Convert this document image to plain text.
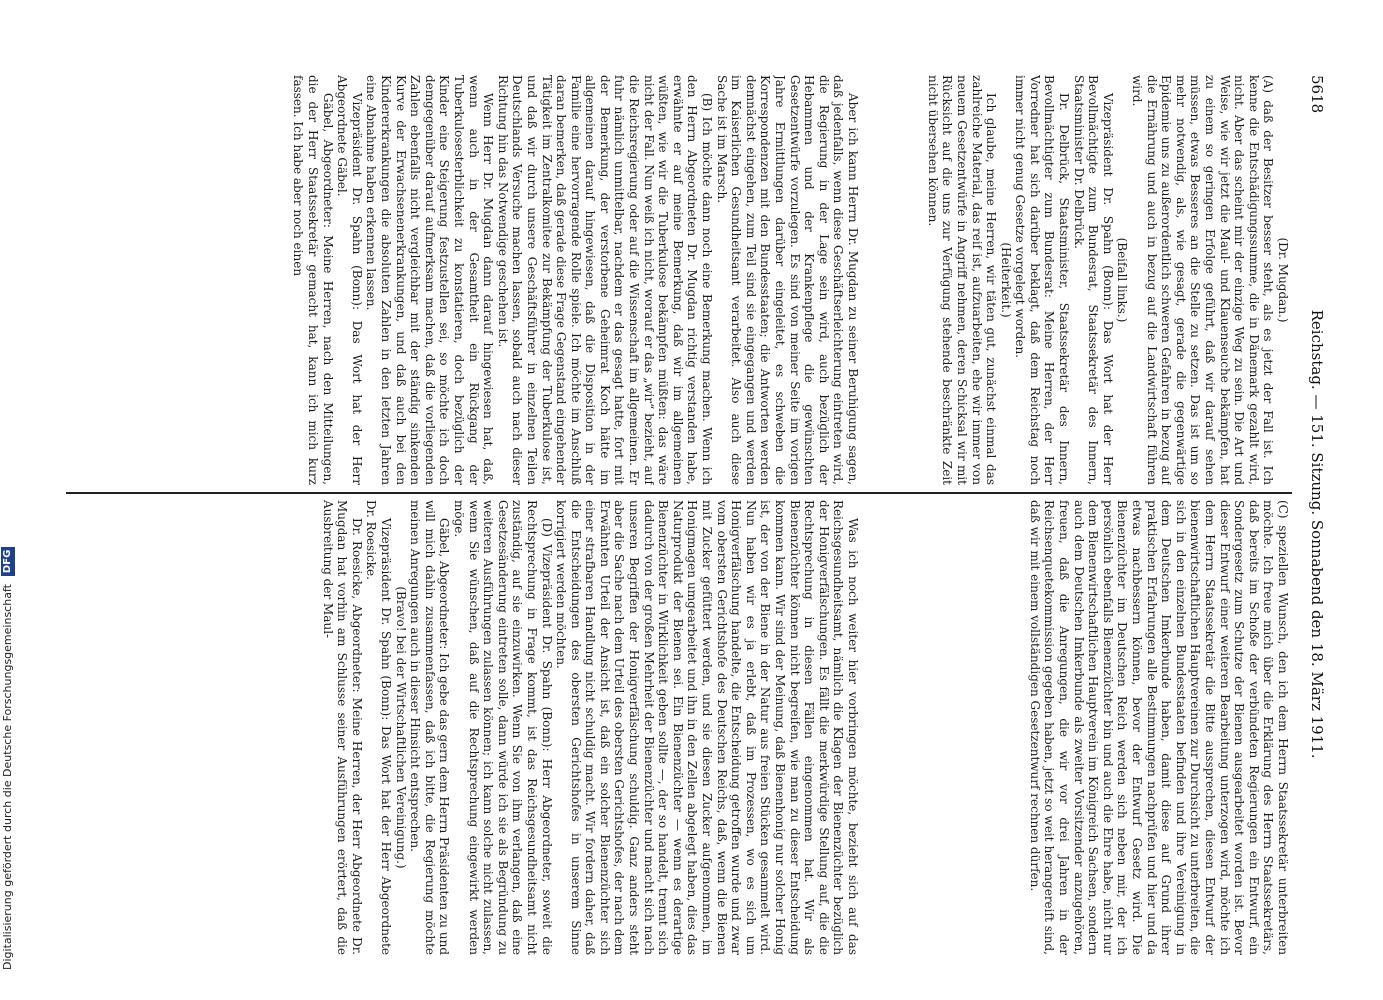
5618
Reichstag. — 151. Sitzung. Sonnabend den 18. März 1911.

(Dr. Mugdan.)

(A) daß der Besitzer besser steht, als es jetzt der Fall ist. Ich kenne die Entschädigungssumme, die in Dänemark gezahlt wird, nicht. Aber das scheint mir der einzige Weg zu sein. Die Art und Weise, wie wir jetzt die Maul- und Klauenseuche bekämpfen, hat zu einem so geringen Erfolge geführt, daß wir darauf sehen müssen, etwas Besseres an die Stelle zu setzen. Das ist um so mehr notwendig, als, wie gesagt, gerade die gegenwärtige Epidemie uns zu außerordentlich schweren Gefahren in bezug auf die Ernährung und auch in bezug auf die Landwirtschaft führen wird.

(Beifall links.)

Vizepräsident Dr. Spahn (Bonn): Das Wort hat der Herr Bevollmächtigte zum Bundesrat, Staatssekretär des Innern, Staatsminister Dr. Delbrück.

Dr. Delbrück, Staatsminister, Staatssekretär des Innern, Bevollmächtigter zum Bundesrat: Meine Herren, der Herr Vorredner hat sich darüber beklagt, daß dem Reichstag noch immer nicht genug Gesetze vorgelegt worden.

(Heiterkeit.)

Ich glaube, meine Herren, wir täten gut, zunächst einmal das zahlreiche Material, das reif ist, aufzuarbeiten, ehe wir immer von neuem Gesetzentwürfe in Angriff nehmen, deren Schicksal wir mit Rücksicht auf die uns zur Verfügung stehende beschränkte Zeit nicht übersehen können.

(C) speziellen Wunsch, den ich dem Herrn Staatssekretär unterbreiten möchte. Ich freue mich über die Erklärung des Herrn Staatssekretärs, daß bereits im Schoße der verbündeten Regierungen ein Entwurf, ein Sondergesetz zum Schutze der Bienen ausgearbeitet worden ist. Bevor dieser Entwurf einer weiteren Bearbeitung unterzogen wird, möchte ich dem Herrn Staatssekretär die Bitte aussprechen, diesen Entwurf der bienenwirtschaftlichen Hauptvereinen zur Durchsicht zu unterbreiten, die sich in den einzelnen Bundesstaaten befinden und ihre Vereinigung in dem Deutschen Imkerbunde haben, damit diese auf Grund ihrer praktischen Erfahrungen alle Bestimmungen nachprüfen und hier und da etwas nachbessern können, bevor der Entwurf Gesetz wird. Die Bienenzüchter im Deutschen Reich werden sich neben mir, der ich persönlich ebenfalls Bienenzüchter bin und auch die Ehre habe, nicht nur dem Bienenwirtschaftlichen Hauptverein im Königreich Sachsen, sondern auch dem Deutschen Imkerbunde als zweiter Vorsitzender anzugehören, freuen, daß die Anregungen, die wir vor drei Jahren in der Reichsenquetekommission gegeben haben, jetzt so weit herangereift sind, daß wir mit einem vollständigen Gesetzentwurf rechnen dürfen.

Aber ich kann Herrn Dr. Mugdan zu seiner Beruhigung sagen, daß jedenfalls, wenn diese Geschäftserleichterung eintreten wird, die Regierung in der Lage sein wird, auch bezüglich der Hebammen und der Krankenpflege die gewünschten Gesetzentwürfe vorzulegen. Es sind von meiner Seite im vorigen Jahre Ermittlungen darüber eingeleitet, es schweben die Korrespondenzen mit den Bundesstaaten; die Antworten werden demnächst eingehen, zum Teil sind sie eingegangen und werden im Kaiserlichen Gesundheitsamt verarbeitet. Also auch diese Sache ist im Marsch.

(B) Ich möchte dann noch eine Bemerkung machen. Wenn ich den Herrn Abgeordneten Dr. Mugdan richtig verstanden habe, erwähnte er auf meine Bemerkung, daß wir im allgemeinen wüßten, wie wir die Tuberkulose bekämpfen müßten: das wäre nicht der Fall. Nun weiß ich nicht, worauf er das „wir“ bezieht, auf die Reichsregierung oder auf die Wissenschaft im allgemeinen. Er fuhr nämlich unmittelbar, nachdem er das gesagt hatte, fort mit der Bemerkung, der verstorbene Geheimrat Koch hätte im allgemeinen darauf hingewiesen, daß die Disposition in der Familie eine hervorragende Rolle spiele. Ich möchte im Anschluß daran bemerken, daß gerade diese Frage Gegenstand eingehender Tätigkeit im Zentralkomitee zur Bekämpfung der Tuberkulose ist, und daß wir durch unsere Geschäftsführer in einzelnen Teilen Deutschlands Versuche machen lassen, sobald auch nach dieser Richtung hin das Notwendige geschehen ist.

Wenn Herr Dr. Mugdan dann darauf hingewiesen hat, daß, wenn auch in der Gesamtheit ein Rückgang der Tuberkulosesterblichkeit zu konstatieren, doch bezüglich der Kinder eine Steigerung festzustellen sei, so möchte ich doch demgegenüber darauf aufmerksam machen, daß die vorliegenden Zahlen ebenfalls nicht vergleichbar mit der ständig sinkenden Kurve der Erwachsenenerkrankungen, und daß auch bei den Kindererkrankungen die absoluten Zahlen in den letzten Jahren eine Abnahme haben erkennen lassen.

Vizepräsident Dr. Spahn (Bonn): Das Wort hat der Herr Abgeordnete Gäbel.

Gäbel, Abgeordneter: Meine Herren, nach den Mitteilungen, die der Herr Staatssekretär gemacht hat, kann ich mich kurz fassen. Ich habe aber noch einen

Was ich noch weiter hier vorbringen möchte, bezieht sich auf das Reichsgesundheitsamt, nämlich die Klagen der Bienenzüchter bezüglich der Honigverfälschungen. Es fällt die merkwürdige Stellung auf, die die Rechtsprechung in diesen Fällen eingenommen hat. Wir als Bienenzüchter können nicht begreifen, wie man zu dieser Entscheidung kommen kann. Wir sind der Meinung, daß Bienenhonig nur solcher Honig ist, der von der Biene in der Natur aus freien Stücken gesammelt wird. Nun haben wir es ja erlebt, daß im Prozessen, wo es sich um Honigverfälschung handelte, die Entscheidung getroffen wurde und zwar vom obersten Gerichtshofe des Deutschen Reichs, daß, wenn die Bienen mit Zucker gefüttert werden, und sie diesen Zucker aufgenommen, im Honigmagen umgearbeitet und ihn in den Zellen abgelegt haben, dies das Naturprodukt der Bienen sei. Ein Bienenzüchter — wenn es derartige Bienenzüchter in Wirklichkeit geben sollte —, der so handelt, trennt sich dadurch von der großen Mehrheit der Bienenzüchter und macht sich nach unseren Begriffen der Honigverfälschung schuldig. Ganz anders steht aber die Sache nach dem Urteil des obersten Gerichtshofes, der nach dem Erwähnten Urteil der Ansicht ist, daß ein solcher Bienenzüchter sich einer strafbaren Handlung nicht schuldig macht. Wir fordern daher, daß die Entscheidungen des obersten Gerichtshofes in unserem Sinne korrigiert werden möchten.

(D) Vizepräsident Dr. Spahn (Bonn): Herr Abgeordneter, soweit die Rechtsprechung in Frage kommt, ist das Reichsgesundheitsamt nicht zuständig, auf sie einzuwirken. Wenn Sie von ihm verlangen, daß eine Gesetzesänderung eintreten solle, dann würde ich sie als Begründung zu weiteren Ausführungen zulassen können; ich kann solche nicht zulassen, wenn Sie wünschen, daß auf die Rechtsprechung eingewirkt werden möge.

Gäbel, Abgeordneter: Ich gebe das gern dem Herrn Präsidenten zu und will mich dahin zusammenfassen, daß ich bitte, die Regierung möchte meinen Anregungen auch in dieser Hinsicht entsprechen.

(Bravo! bei der Wirtschaftlichen Vereinigung.)

Vizepräsident Dr. Spahn (Bonn): Das Wort hat der Herr Abgeordnete Dr. Roesicke.

Dr. Roesicke, Abgeordneter: Meine Herren, der Herr Abgeordnete Dr. Mugdan hat vorhin am Schlusse seiner Ausführungen erörtert, daß die Ausbreitung der Maul-

Digitalisierung gefördert durch die Deutsche Forschungsgemeinschaft
DFG
